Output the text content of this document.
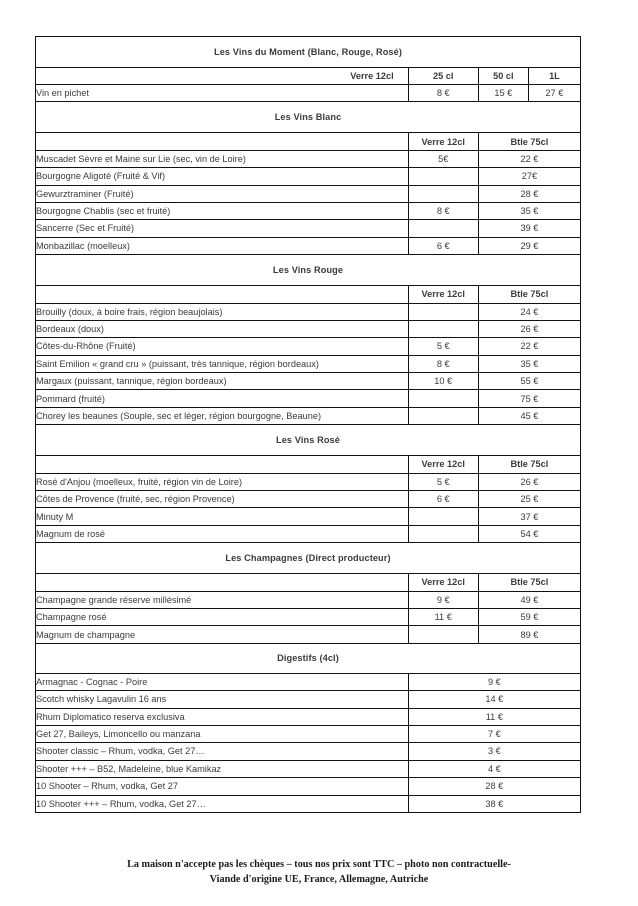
Les Vins du Moment (Blanc, Rouge, Rosé)			
Verre 12cl	25 cl	50 cl	1L
Vin en pichet	8 €	15 €	27 €
Les Vins Blanc			
	Verre 12cl	Btle 75cl	
Muscadet Sèvre et Maine sur Lie (sec, vin de Loire)	5€	22 €	
Bourgogne Aligoté (Fruité & Vif)		27€	
Gewurztraminer (Fruité)		28 €	
Bourgogne Chablis (sec et fruité)	8 €	35 €	
Sancerre (Sec et Fruité)		39 €	
Monbazillac (moelleux)	6 €	29 €	
Les Vins Rouge			
	Verre 12cl	Btle 75cl	
Brouilly (doux, à boire frais, région beaujolais)		24 €	
Bordeaux (doux)		26 €	
Côtes-du-Rhône (Fruité)	5 €	22 €	
Saint Emilion « grand cru » (puissant, très tannique, région bordeaux)	8 €	35 €	
Margaux (puissant, tannique, région bordeaux)	10 €	55 €	
Pommard (fruité)		75 €	
Chorey les beaunes (Souple, sec et léger, région bourgogne, Beaune)		45 €	
Les Vins Rosé			
	Verre 12cl	Btle 75cl	
Rosé d'Anjou (moelleux, fruité, région vin de Loire)	5 €	26 €	
Côtes de Provence (fruité, sec, région Provence)	6 €	25 €	
Minuty M		37 €	
Magnum de rosé		54 €	
Les Champagnes (Direct producteur)			
	Verre 12cl	Btle 75cl	
Champagne grande réserve millésimé	9 €	49 €	
Champagne rosé	11 €	59 €	
Magnum de champagne		89 €	
Digestifs (4cl)			
Armagnac - Cognac - Poire	9 €		
Scotch whisky Lagavulin 16 ans	14 €		
Rhum Diplomatico reserva exclusiva	11 €		
Get 27, Baileys, Limoncello ou manzana	7 €		
Shooter classic – Rhum, vodka, Get 27…	3 €		
Shooter +++ – B52, Madeleine, blue Kamikaz	4 €		
10 Shooter – Rhum, vodka, Get 27	28 €		
10 Shooter +++ – Rhum, vodka, Get 27…	38 €		
La maison n'accepte pas les chèques – tous nos prix sont TTC – photo non contractuelle-
Viande d'origine UE, France, Allemagne, Autriche
